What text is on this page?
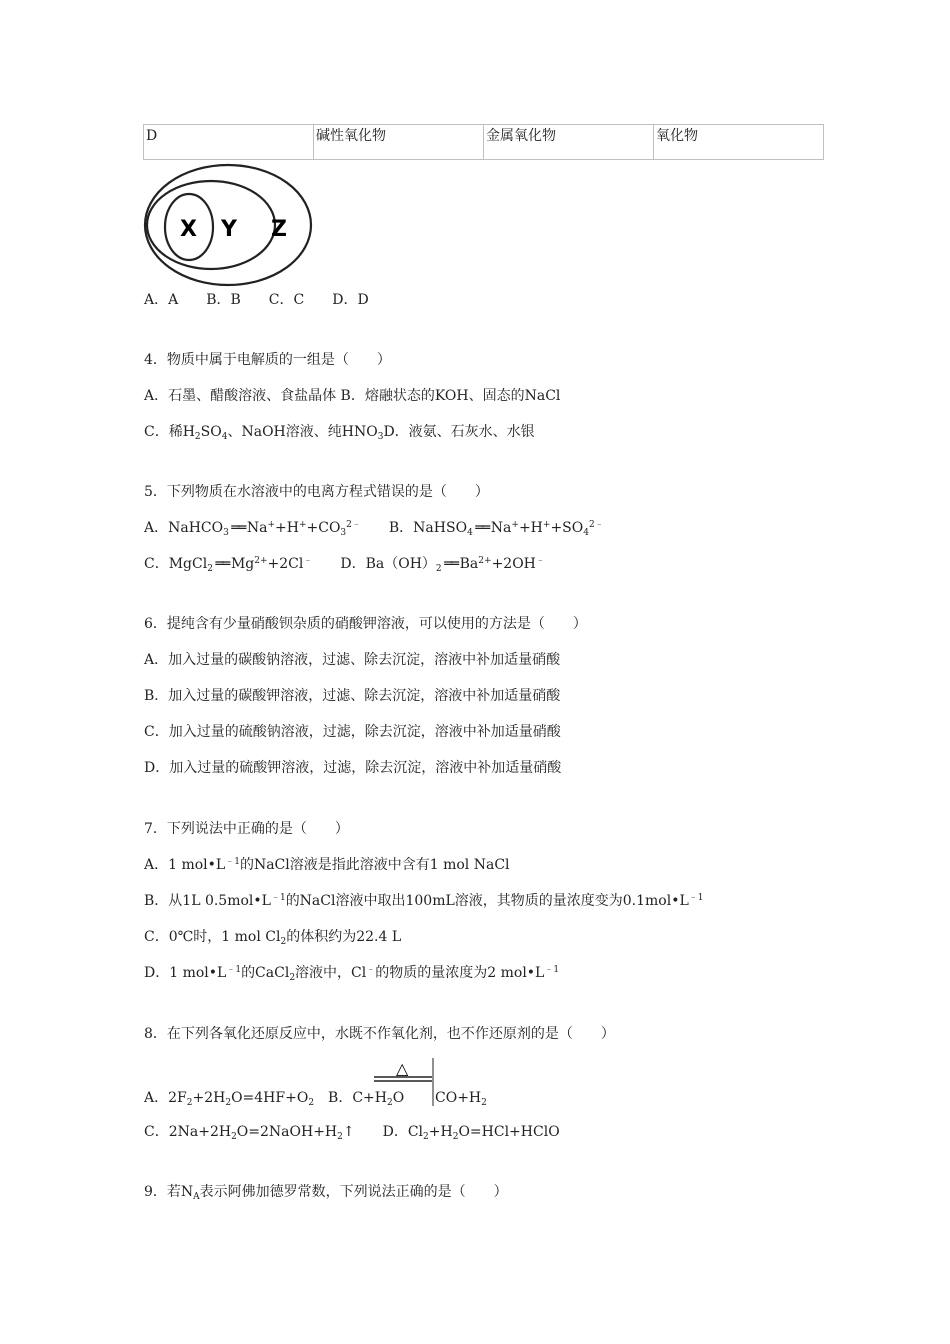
D	碱性氧化物	金属氧化物	氧化物
X Y Z
A．A　　B．B　　C．C　　D．D
4．物质中属于电解质的一组是（　　）
A．石墨、醋酸溶液、食盐晶体 B．熔融状态的KOH、固态的NaCl
C．稀$H_2SO_4$、NaOH溶液、纯$HNO_3D$．液氨、石灰水、水银
5．下列物质在水溶液中的电离方程式错误的是（　　）
A．NaHCO$_3$ ══ $Na^++H^++CO_3^{2﹣}$　　B．NaHSO$_4$ ══ $Na^++H^++SO_4^{2﹣}$
C．MgCl$_2$ ══ $Mg^{2+}+2Cl^﹣$　　D．$Ba(OH)_2$ ══ $Ba^{2+}+2OH^﹣$
6．提纯含有少量硝酸钡杂质的硝酸钾溶液，可以使用的方法是（　　）
A．加入过量的碳酸钠溶液，过滤、除去沉淀，溶液中补加适量硝酸
B．加入过量的碳酸钾溶液，过滤、除去沉淀，溶液中补加适量硝酸
C．加入过量的硫酸钠溶液，过滤，除去沉淀，溶液中补加适量硝酸
D．加入过量的硫酸钾溶液，过滤，除去沉淀，溶液中补加适量硝酸
7．下列说法中正确的是（　　）
A．1 $mol•L^{﹣1}$的NaCl溶液是指此溶液中含有1 mol NaCl
B．从1L $0.5mol•L^{﹣1}$的NaCl溶液中取出100mL溶液，其物质的量浓度变为$0.1mol•L^{﹣1}$
C．0℃时，1 mol $Cl_2$的体积约为22.4 L
D．1 $mol•L^{﹣1}$的CaCl$_2$溶液中，Cl﹣的物质的量浓度为2 $mol•L^{﹣1}$
8．在下列各氧化还原反应中，水既不作氧化剂，也不作还原剂的是（　　）
△
A．$2F_2+2H_2O=4HF+O_2$　B．$C+H_2O$ $CO+H_2$
C．$2Na+2H_2O=2NaOH+H_2↑$　　D．$Cl_2+H_2O=HCl+HClO$
9．若$N_A$表示阿佛加德罗常数，下列说法正确的是（　　）
